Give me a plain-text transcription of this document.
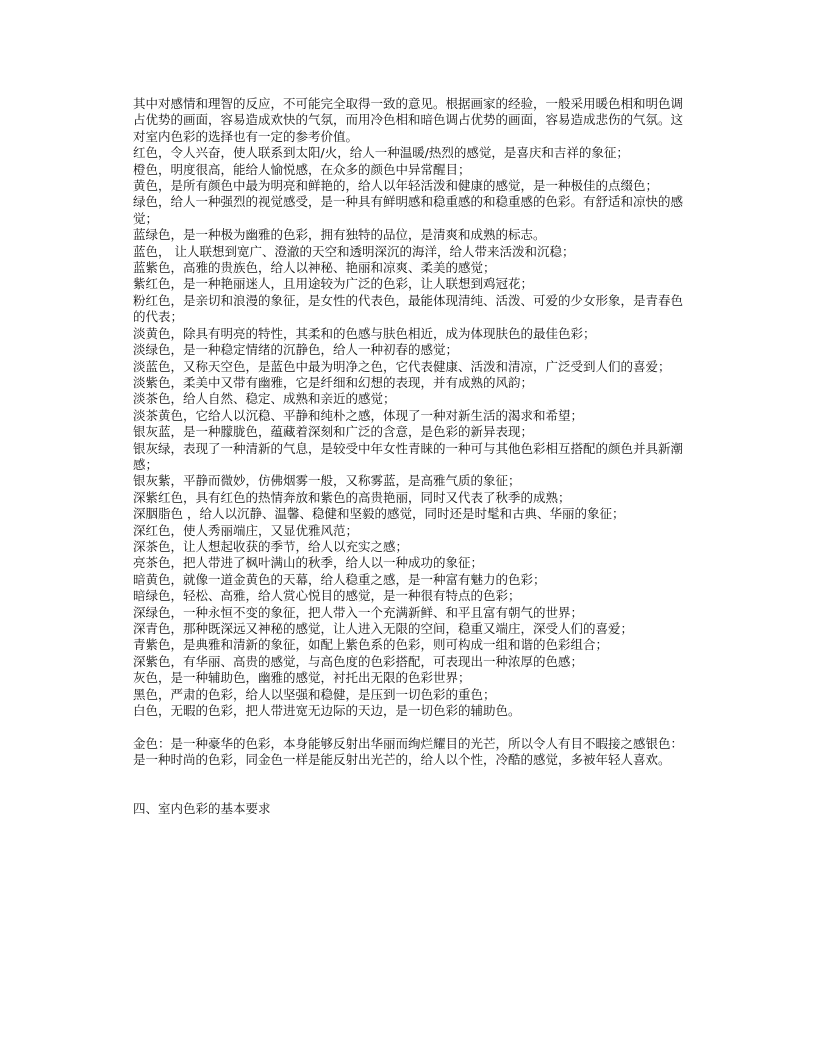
其中对感情和理智的反应，不可能完全取得一致的意见。根据画家的经验，一般采用暖色相和明色调占优势的画面，容易造成欢快的气氛，而用冷色相和暗色调占优势的画面，容易造成悲伤的气氛。这对室内色彩的选择也有一定的参考价值。

红色，令人兴奋，使人联系到太阳/火，给人一种温暖/热烈的感觉，是喜庆和吉祥的象征；

橙色，明度很高，能给人愉悦感，在众多的颜色中异常醒目；

黄色，是所有颜色中最为明亮和鲜艳的，给人以年轻活泼和健康的感觉，是一种极佳的点缀色；

绿色，给人一种强烈的视觉感受，是一种具有鲜明感和稳重感的和稳重感的色彩。有舒适和凉快的感觉；

蓝绿色，是一种极为幽雅的色彩，拥有独特的品位，是清爽和成熟的标志。

蓝色， 让人联想到宽广、澄澈的天空和透明深沉的海洋，给人带来活泼和沉稳；

蓝紫色，高雅的贵族色，给人以神秘、艳丽和凉爽、柔美的感觉；

紫红色，是一种艳丽迷人，且用途较为广泛的色彩，让人联想到鸡冠花；

粉红色，是亲切和浪漫的象征，是女性的代表色，最能体现清纯、活泼、可爱的少女形象，是青春色的代表；

淡黄色，除具有明亮的特性，其柔和的色感与肤色相近，成为体现肤色的最佳色彩；

淡绿色，是一种稳定情绪的沉静色，给人一种初春的感觉；

淡蓝色，又称天空色，是蓝色中最为明净之色，它代表健康、活泼和清凉，广泛受到人们的喜爱；

淡紫色，柔美中又带有幽雅，它是纤细和幻想的表现，并有成熟的风韵；

淡茶色，给人自然、稳定、成熟和亲近的感觉；

淡茶黄色，它给人以沉稳、平静和纯朴之感，体现了一种对新生活的渴求和希望；

银灰蓝，是一种朦胧色，蕴藏着深刻和广泛的含意，是色彩的新异表现；

银灰绿，表现了一种清新的气息，是较受中年女性青睐的一种可与其他色彩相互搭配的颜色并具新潮感；

银灰紫，平静而微妙，仿佛烟雾一般，又称雾蓝，是高雅气质的象征；

深紫红色，具有红色的热情奔放和紫色的高贵艳丽，同时又代表了秋季的成熟；

深胭脂色 ，给人以沉静、温馨、稳健和坚毅的感觉，同时还是时髦和古典、华丽的象征；

深红色，使人秀丽端庄，又显优雅风范；

深茶色，让人想起收获的季节，给人以充实之感；

亮茶色，把人带进了枫叶满山的秋季，给人以一种成功的象征；

暗黄色，就像一道金黄色的天幕，给人稳重之感，是一种富有魅力的色彩；

暗绿色，轻松、高雅，给人赏心悦目的感觉，是一种很有特点的色彩；

深绿色，一种永恒不变的象征，把人带入一个充满新鲜、和平且富有朝气的世界；

深青色，那种既深远又神秘的感觉，让人进入无限的空间，稳重又端庄，深受人们的喜爱；

青紫色，是典雅和清新的象征，如配上紫色系的色彩，则可构成一组和谐的色彩组合；

深紫色，有华丽、高贵的感觉，与高色度的色彩搭配，可表现出一种浓厚的色感；

灰色，是一种辅助色，幽雅的感觉，衬托出无限的色彩世界；

黑色，严肃的色彩，给人以坚强和稳健，是压到一切色彩的重色；

白色，无暇的色彩，把人带进宽无边际的天边，是一切色彩的辅助色。

金色：是一种豪华的色彩，本身能够反射出华丽而绚烂耀目的光芒，所以令人有目不暇接之感银色：是一种时尚的色彩，同金色一样是能反射出光芒的，给人以个性，冷酷的感觉，多被年轻人喜欢。

四、室内色彩的基本要求
